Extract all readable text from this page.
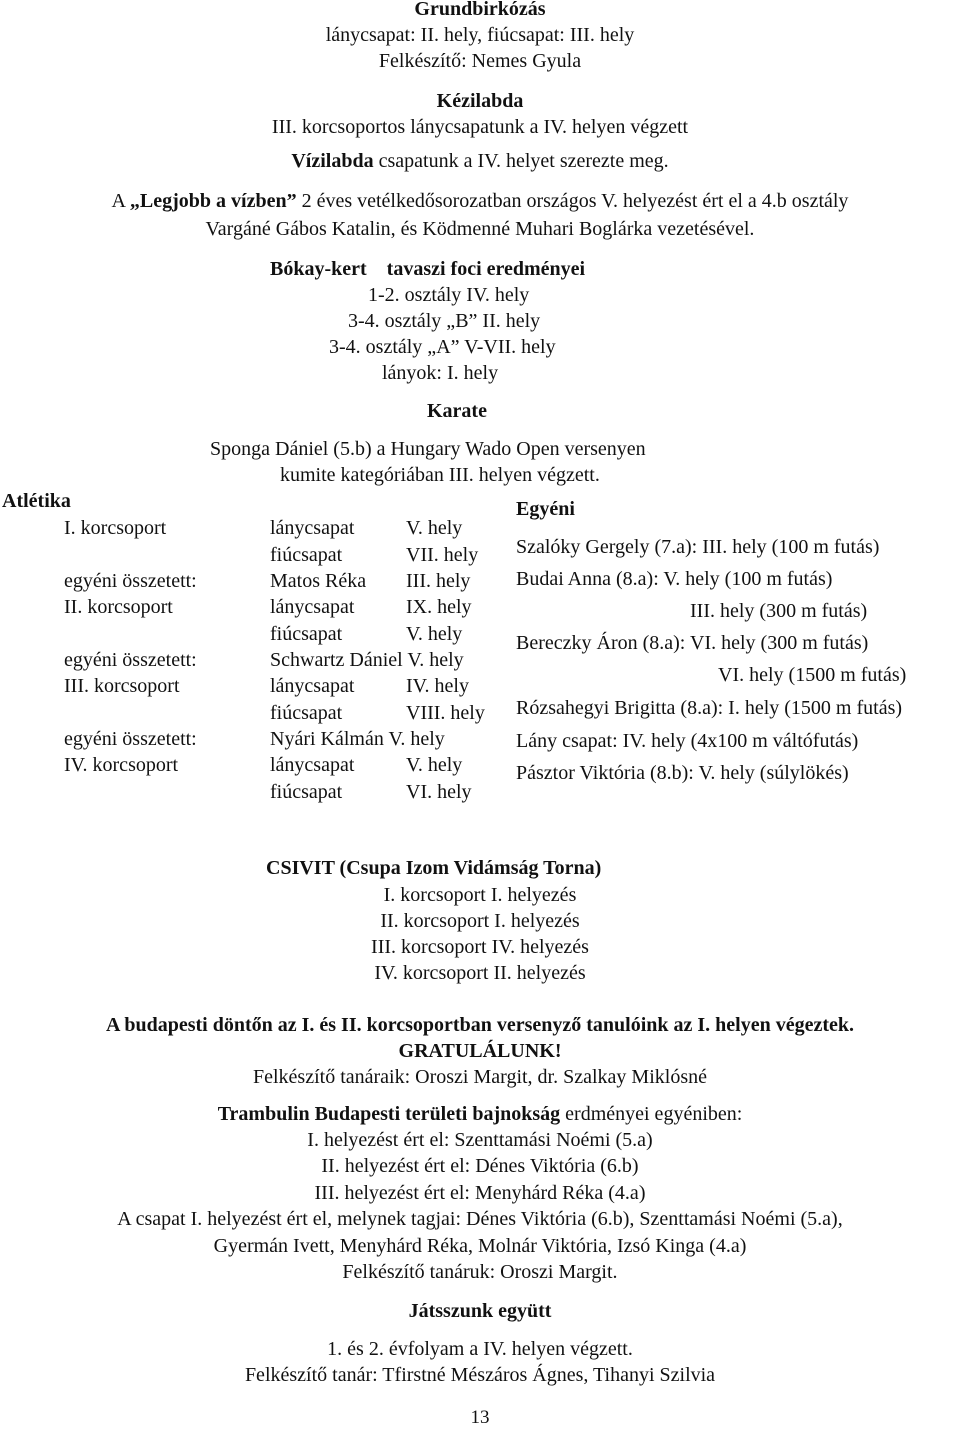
Grundbirkózás
lánycsapat: II. hely, fiúcsapat: III. hely
Felkészítő: Nemes Gyula
Kézilabda
III. korcsoportos lánycsapatunk a IV. helyen végzett
Vízilabda csapatunk a IV. helyet szerezte meg.
A „Legjobb a vízben” 2 éves vetélkedősorozatban országos V. helyezést ért el a 4.b osztály
Vargáné Gábos Katalin, és Ködmenné Muhari Boglárka vezetésével.
Bókay-kert    tavaszi foci eredményei
1-2. osztály IV. hely
3-4. osztály „B” II. hely
3-4. osztály „A” V-VII. hely
lányok: I. hely
Karate
Sponga Dániel (5.b) a Hungary Wado Open versenyen
kumite kategóriában III. helyen végzett.
Atlétika
I. korcsoport	lánycsapat	V. hely
fiúcsapat	VII. hely
egyéni összetett:	Matos Réka III. hely
II. korcsoport	lánycsapat	IX. hely
fiúcsapat	V. hely
egyéni összetett:	Schwartz Dániel V. hely
III. korcsoport	lánycsapat	IV. hely
fiúcsapat	VIII. hely
egyéni összetett:	Nyári Kálmán V. hely
IV. korcsoport	lánycsapat	V. hely
fiúcsapat	VI. hely
Egyéni
Szalóky Gergely (7.a): III. hely (100 m futás)
Budai Anna (8.a): V. hely (100 m futás)
III. hely (300 m futás)
Bereczky Áron (8.a): VI. hely (300 m futás)
VI. hely (1500 m futás)
Rózsahegyi Brigitta (8.a): I. hely (1500 m futás)
Lány csapat: IV. hely (4x100 m váltófutás)
Pásztor Viktória (8.b): V. hely (súlylökés)
CSIVIT (Csupa Izom Vidámság Torna)
I. korcsoport I. helyezés
II. korcsoport I. helyezés
III. korcsoport IV. helyezés
IV. korcsoport II. helyezés
A budapesti döntőn az I. és II. korcsoportban versenyző tanulóink az I. helyen végeztek.
GRATULÁLUNK!
Felkészítő tanáraik: Oroszi Margit, dr. Szalkay Miklósné
Trambulin Budapesti területi bajnokság erdményei egyéniben:
I. helyezést ért el: Szenttamási Noémi (5.a)
II. helyezést ért el: Dénes Viktória (6.b)
III. helyezést ért el: Menyhárd Réka (4.a)
A csapat I. helyezést ért el, melynek tagjai: Dénes Viktória (6.b), Szenttamási Noémi (5.a),
Gyermán Ivett, Menyhárd Réka, Molnár Viktória, Izsó Kinga (4.a)
Felkészítő tanáruk: Oroszi Margit.
Játsszunk együtt
1. és 2. évfolyam a IV. helyen végzett.
Felkészítő tanár: Tfirstné Mészáros Ágnes, Tihanyi Szilvia
13
